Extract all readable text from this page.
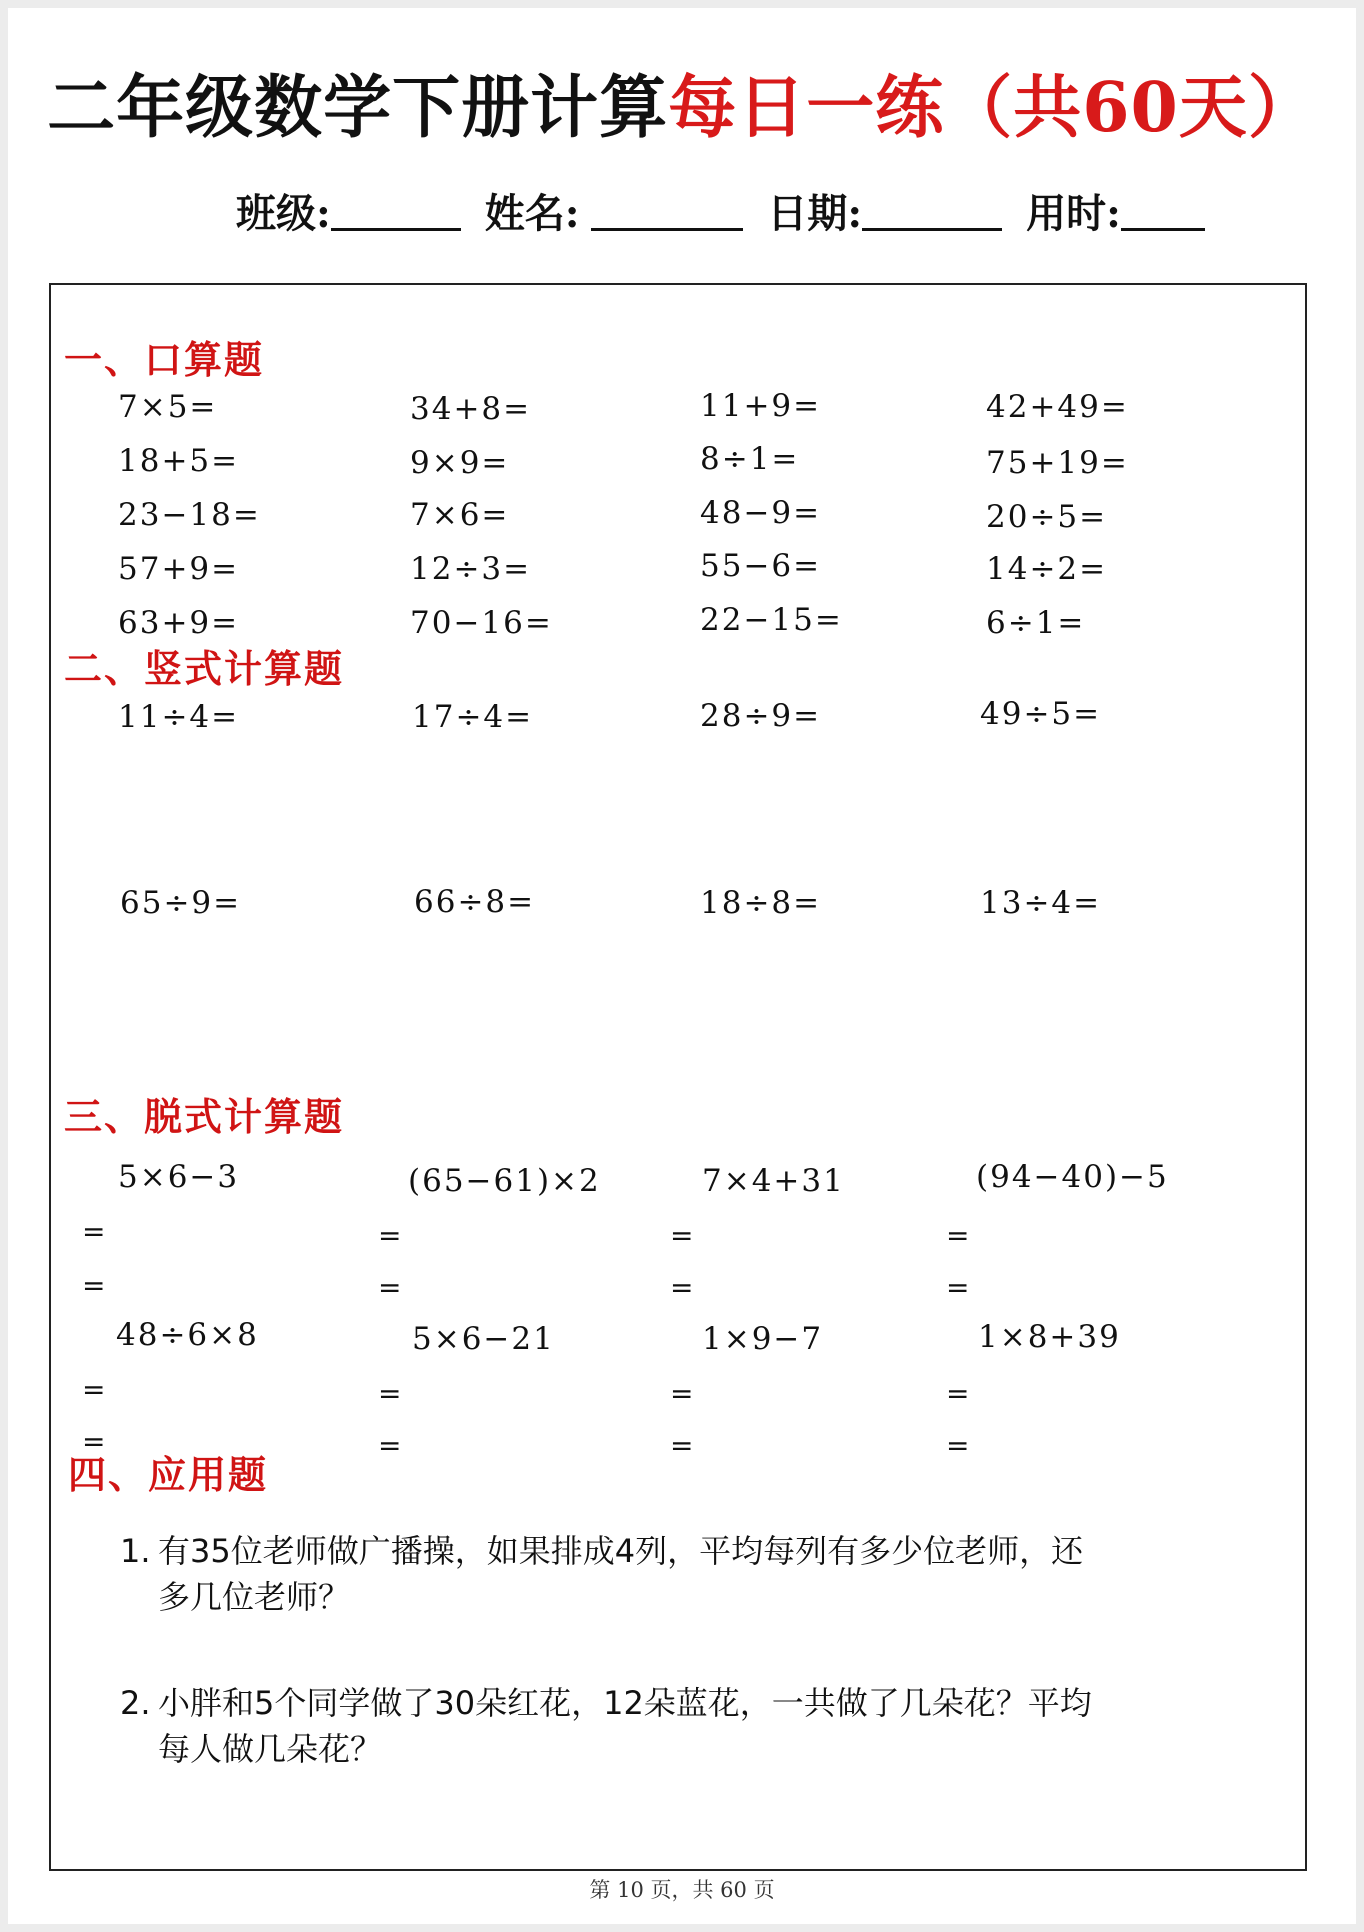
二年级数学下册计算每日一练（共60天）
班级:	姓名:	日期:	用时:
一、口算题
7×5=	34+8=	11+9=	42+49=
18+5=	9×9=	8÷1=	75+19=
23−18=	7×6=	48−9=	20÷5=
57+9=	12÷3=	55−6=	14÷2=
63+9=	70−16=	22−15=	6÷1=
二、竖式计算题
11÷4=	17÷4=	28÷9=	49÷5=
65÷9=	66÷8=	18÷8=	13÷4=
三、脱式计算题
5×6−3	(65−61)×2	7×4+31	(94−40)−5
=	=	=	=
=	=	=	=
48÷6×8	5×6−21	1×9−7	1×8+39
=	=	=	=
=	=	=	=
四、应用题
1. 有35位老师做广播操，如果排成4列，平均每列有多少位老师，还
多几位老师？
2. 小胖和5个同学做了30朵红花，12朵蓝花，一共做了几朵花？平均
每人做几朵花？
第 10 页，共 60 页
